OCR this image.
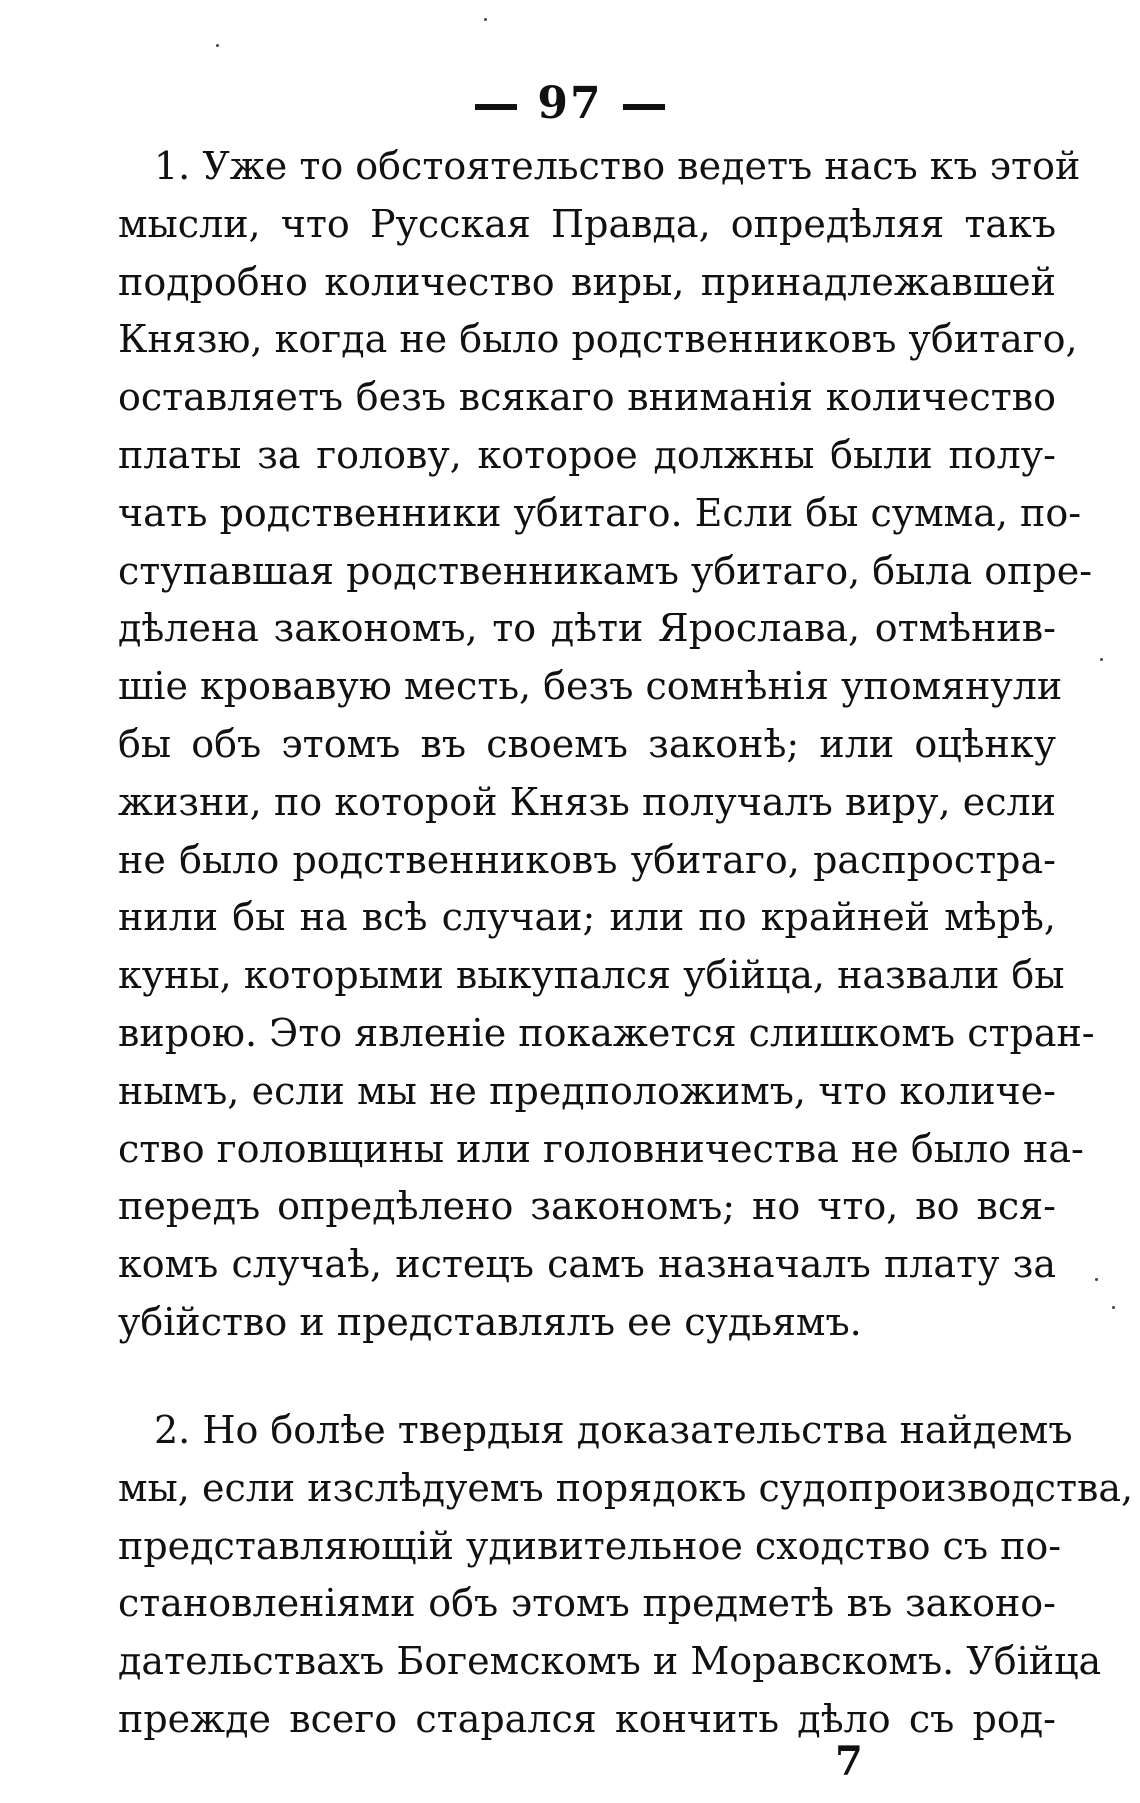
97
1. Уже то обстоятельство ведетъ насъ къ этой
мысли, что Русская Правда, опредѣляя такъ
подробно количество виры, принадлежавшей
Князю, когда не было родственниковъ убитаго,
оставляетъ безъ всякаго вниманія количество
платы за голову, которое должны были полу-
чать родственники убитаго. Если бы сумма, по-
ступавшая родственникамъ убитаго, была опре-
дѣлена закономъ, то дѣти Ярослава, отмѣнив-
шіе кровавую месть, безъ сомнѣнія упомянули
бы объ этомъ въ своемъ законѣ; или оцѣнку
жизни, по которой Князь получалъ виру, если
не было родственниковъ убитаго, распростра-
нили бы на всѣ случаи; или по крайней мѣрѣ,
куны, которыми выкупался убійца, назвали бы
вирою. Это явленіе покажется слишкомъ стран-
нымъ, если мы не предположимъ, что количе-
ство головщины или головничества не было на-
передъ опредѣлено закономъ; но что, во вся-
комъ случаѣ, истецъ самъ назначалъ плату за
убійство и представлялъ ее судьямъ.
2. Но болѣе твердыя доказательства найдемъ
мы, если изслѣдуемъ порядокъ судопроизводства,
представляющій удивительное сходство съ по-
становленіями объ этомъ предметѣ въ законо-
дательствахъ Богемскомъ и Моравскомъ. Убійца
прежде всего старался кончить дѣло съ род-
7
